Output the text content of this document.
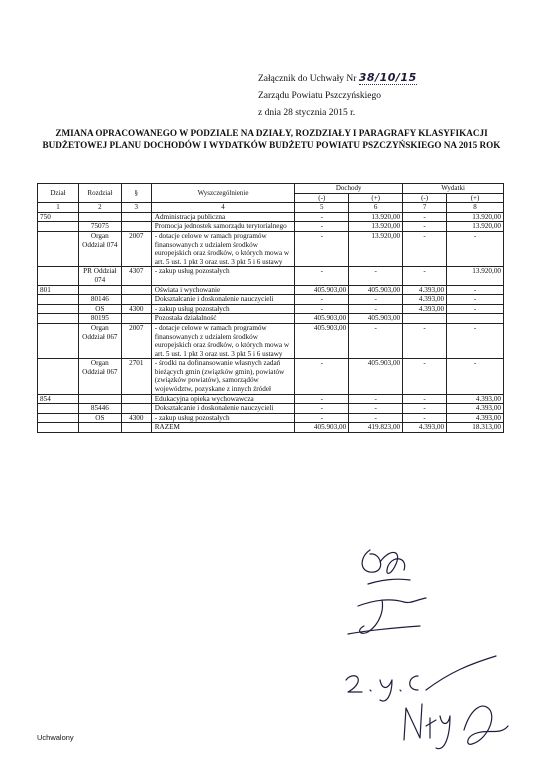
Załącznik do Uchwały Nr 38/10/15
Zarządu Powiatu Pszczyńskiego
z dnia 28 stycznia 2015 r.
ZMIANA OPRACOWANEGO W PODZIALE NA DZIAŁY, ROZDZIAŁY I PARAGRAFY KLASYFIKACJI BUDŻETOWEJ PLANU DOCHODÓW I WYDATKÓW BUDŻETU POWIATU PSZCZYŃSKIEGO NA 2015 ROK
Dział	Rozdział	§	Wyszczególnienie	Dochody		Wydatki	
				(-)	(+)	(-)	(+)
1	2	3	4	5	6	7	8
750			Administracja publiczna	-	13.920,00	-	13.920,00
	75075		Promocja jednostek samorządu terytorialnego	-	13.920,00	-	13.920,00
	Organ Oddział 074	2007	- dotacje celowe w ramach programów finansowanych z udziałem środków europejskich oraz środków, o których mowa w art. 5 ust. 1 pkt 3 oraz ust. 3 pkt 5 i 6 ustawy	-	13.920,00	-	-
	PR Oddział 074	4307	- zakup usług pozostałych	-	-	-	13.920,00
801			Oświata i wychowanie	405.903,00	405.903,00	4.393,00	-
	80146		Dokształcanie i doskonalenie nauczycieli	-	-	4.393,00	-
	OS	4300	- zakup usług pozostałych	-	-	4.393,00	-
	80195		Pozostała działalność	405.903,00	405.903,00		
	Organ Oddział 067	2007	- dotacje celowe w ramach programów finansowanych z udziałem środków europejskich oraz środków, o których mowa w art. 5 ust. 1 pkt 3 oraz ust. 3 pkt 5 i 6 ustawy	405.903,00	-	-	-
	Organ Oddział 067	2701	- środki na dofinansowanie własnych zadań bieżących gmin (związków gmin), powiatów (związków powiatów), samorządów województw, pozyskane z innych źródeł	-	405.903,00	-	-
854			Edukacyjna opieka wychowawcza	-	-	-	4.393,00
	85446		Dokształcanie i doskonalenie nauczycieli	-	-	-	4.393,00
	OS	4300	- zakup usług pozostałych	-	-	-	4.393,00
			RAZEM	405.903,00	419.823,00	4.393,00	18.313,00
Uchwalony
